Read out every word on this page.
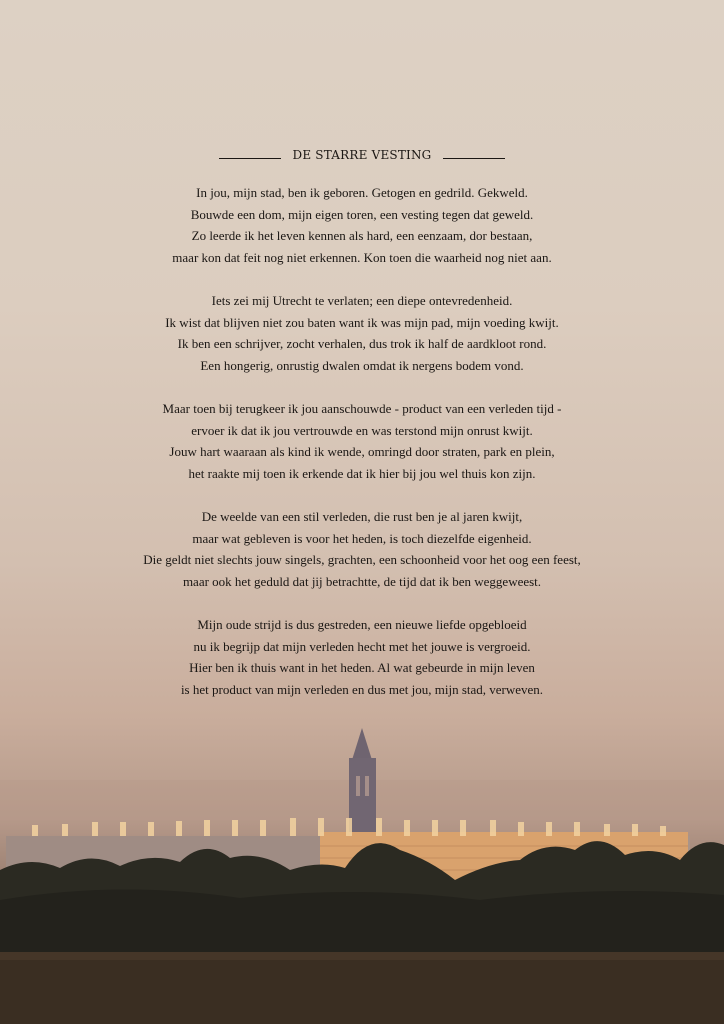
DE STARRE VESTING
In jou, mijn stad, ben ik geboren. Getogen en gedrild. Gekweld.
Bouwde een dom, mijn eigen toren, een vesting tegen dat geweld.
Zo leerde ik het leven kennen als hard, een eenzaam, dor bestaan,
maar kon dat feit nog niet erkennen. Kon toen die waarheid nog niet aan.
Iets zei mij Utrecht te verlaten; een diepe ontevredenheid.
Ik wist dat blijven niet zou baten want ik was mijn pad, mijn voeding kwijt.
Ik ben een schrijver, zocht verhalen, dus trok ik half de aardkloot rond.
Een hongerig, onrustig dwalen omdat ik nergens bodem vond.
Maar toen bij terugkeer ik jou aanschouwde - product van een verleden tijd -
ervoer ik dat ik jou vertrouwde en was terstond mijn onrust kwijt.
Jouw hart waaraan als kind ik wende, omringd door straten, park en plein,
het raakte mij toen ik erkende dat ik hier bij jou wel thuis kon zijn.
De weelde van een stil verleden, die rust ben je al jaren kwijt,
maar wat gebleven is voor het heden, is toch diezelfde eigenheid.
Die geldt niet slechts jouw singels, grachten, een schoonheid voor het oog een feest,
maar ook het geduld dat jij betrachtte, de tijd dat ik ben weggeweest.
Mijn oude strijd is dus gestreden, een nieuwe liefde opgebloeid
nu ik begrijp dat mijn verleden hecht met het jouwe is vergroeid.
Hier ben ik thuis want in het heden. Al wat gebeurde in mijn leven
is het product van mijn verleden en dus met jou, mijn stad, verweven.
